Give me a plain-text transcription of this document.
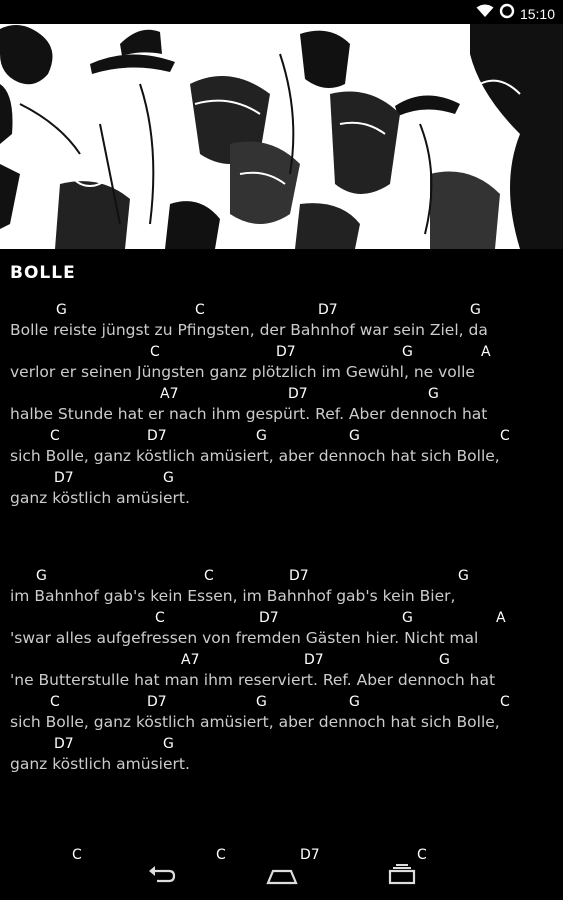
15:10
BOLLE
G	C	D7	G
Bolle reiste jüngst zu Pfingsten, der Bahnhof war sein Ziel, da
C	D7	G	A
verlor er seinen Jüngsten ganz plötzlich im Gewühl, ne volle
A7	D7	G
halbe Stunde hat er nach ihm gespürt. Ref. Aber dennoch hat
C	D7	G	G	C
sich Bolle, ganz köstlich amüsiert, aber dennoch hat sich Bolle,
D7	G
ganz köstlich amüsiert.
G	C	D7	G
im Bahnhof gab's kein Essen, im Bahnhof gab's kein Bier,
C	D7	G	A
'swar alles aufgefressen von fremden Gästen hier. Nicht mal
A7	D7	G
'ne Butterstulle hat man ihm reserviert. Ref. Aber dennoch hat
C	D7	G	G	C
sich Bolle, ganz köstlich amüsiert, aber dennoch hat sich Bolle,
D7	G
ganz köstlich amüsiert.
C	C	D7	C
